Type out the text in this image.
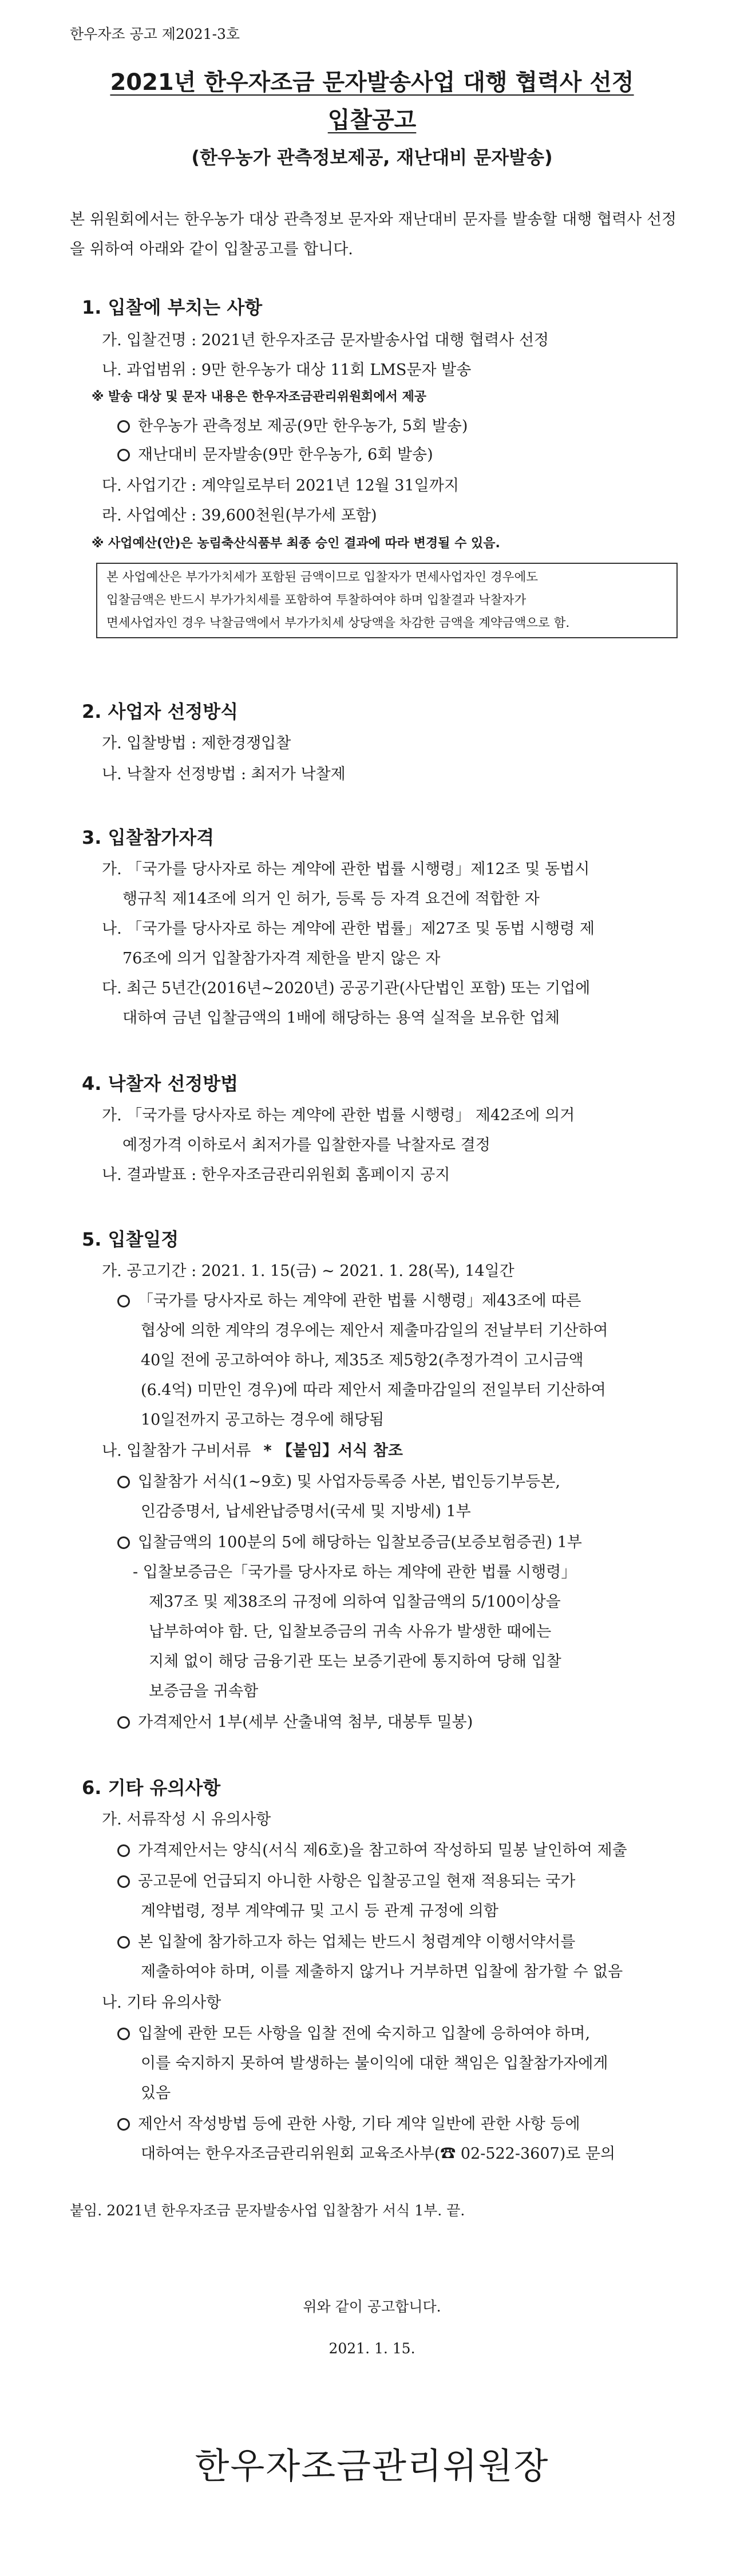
한우자조 공고 제2021-3호
2021년 한우자조금 문자발송사업 대행 협력사 선정
입찰공고
(한우농가 관측정보제공, 재난대비 문자발송)
본 위원회에서는 한우농가 대상 관측정보 문자와 재난대비 문자를 발송할 대행 협력사 선정을 위하여 아래와 같이 입찰공고를 합니다.
1. 입찰에 부치는 사항
가. 입찰건명 : 2021년 한우자조금 문자발송사업 대행 협력사 선정
나. 과업범위 : 9만 한우농가 대상 11회 LMS문자 발송
※ 발송 대상 및 문자 내용은 한우자조금관리위원회에서 제공
한우농가 관측정보 제공(9만 한우농가, 5회 발송)
재난대비 문자발송(9만 한우농가, 6회 발송)
다. 사업기간 : 계약일로부터 2021년 12월 31일까지
라. 사업예산 : 39,600천원(부가세 포함)
※ 사업예산(안)은 농림축산식품부 최종 승인 결과에 따라 변경될 수 있음.
본 사업예산은 부가가치세가 포함된 금액이므로 입찰자가 면세사업자인 경우에도
입찰금액은 반드시 부가가치세를 포함하여 투찰하여야 하며 입찰결과 낙찰자가
면세사업자인 경우 낙찰금액에서 부가가치세 상당액을 차감한 금액을 계약금액으로 함.
2. 사업자 선정방식
가. 입찰방법 : 제한경쟁입찰
나. 낙찰자 선정방법 : 최저가 낙찰제
3. 입찰참가자격
가. 「국가를 당사자로 하는 계약에 관한 법률 시행령」제12조 및 동법시
행규칙 제14조에 의거 인 허가, 등록 등 자격 요건에 적합한 자
나. 「국가를 당사자로 하는 계약에 관한 법률」제27조 및 동법 시행령 제
76조에 의거 입찰참가자격 제한을 받지 않은 자
다. 최근 5년간(2016년~2020년) 공공기관(사단법인 포함) 또는 기업에
대하여 금년 입찰금액의 1배에 해당하는 용역 실적을 보유한 업체
4. 낙찰자 선정방법
가. 「국가를 당사자로 하는 계약에 관한 법률 시행령」 제42조에 의거
예정가격 이하로서 최저가를 입찰한자를 낙찰자로 결정
나. 결과발표 : 한우자조금관리위원회 홈페이지 공지
5. 입찰일정
가. 공고기간 : 2021. 1. 15(금) ~ 2021. 1. 28(목), 14일간
「국가를 당사자로 하는 계약에 관한 법률 시행령」제43조에 따른
협상에 의한 계약의 경우에는 제안서 제출마감일의 전날부터 기산하여
40일 전에 공고하여야 하나, 제35조 제5항2(추정가격이 고시금액
(6.4억) 미만인 경우)에 따라 제안서 제출마감일의 전일부터 기산하여
10일전까지 공고하는 경우에 해당됨
나. 입찰참가 구비서류 * 【붙임】서식 참조
입찰참가 서식(1~9호) 및 사업자등록증 사본, 법인등기부등본,
인감증명서, 납세완납증명서(국세 및 지방세) 1부
입찰금액의 100분의 5에 해당하는 입찰보증금(보증보험증권) 1부
- 입찰보증금은「국가를 당사자로 하는 계약에 관한 법률 시행령」
제37조 및 제38조의 규정에 의하여 입찰금액의 5/100이상을
납부하여야 함. 단, 입찰보증금의 귀속 사유가 발생한 때에는
지체 없이 해당 금융기관 또는 보증기관에 통지하여 당해 입찰
보증금을 귀속함
가격제안서 1부(세부 산출내역 첨부, 대봉투 밀봉)
6. 기타 유의사항
가. 서류작성 시 유의사항
가격제안서는 양식(서식 제6호)을 참고하여 작성하되 밀봉 날인하여 제출
공고문에 언급되지 아니한 사항은 입찰공고일 현재 적용되는 국가
계약법령, 정부 계약예규 및 고시 등 관계 규정에 의함
본 입찰에 참가하고자 하는 업체는 반드시 청렴계약 이행서약서를
제출하여야 하며, 이를 제출하지 않거나 거부하면 입찰에 참가할 수 없음
나. 기타 유의사항
입찰에 관한 모든 사항을 입찰 전에 숙지하고 입찰에 응하여야 하며,
이를 숙지하지 못하여 발생하는 불이익에 대한 책임은 입찰참가자에게
있음
제안서 작성방법 등에 관한 사항, 기타 계약 일반에 관한 사항 등에
대하여는 한우자조금관리위원회 교육조사부(☎ 02-522-3607)로 문의
붙임. 2021년 한우자조금 문자발송사업 입찰참가 서식 1부. 끝.
위와 같이 공고합니다.
2021. 1. 15.
한우자조금관리위원장
